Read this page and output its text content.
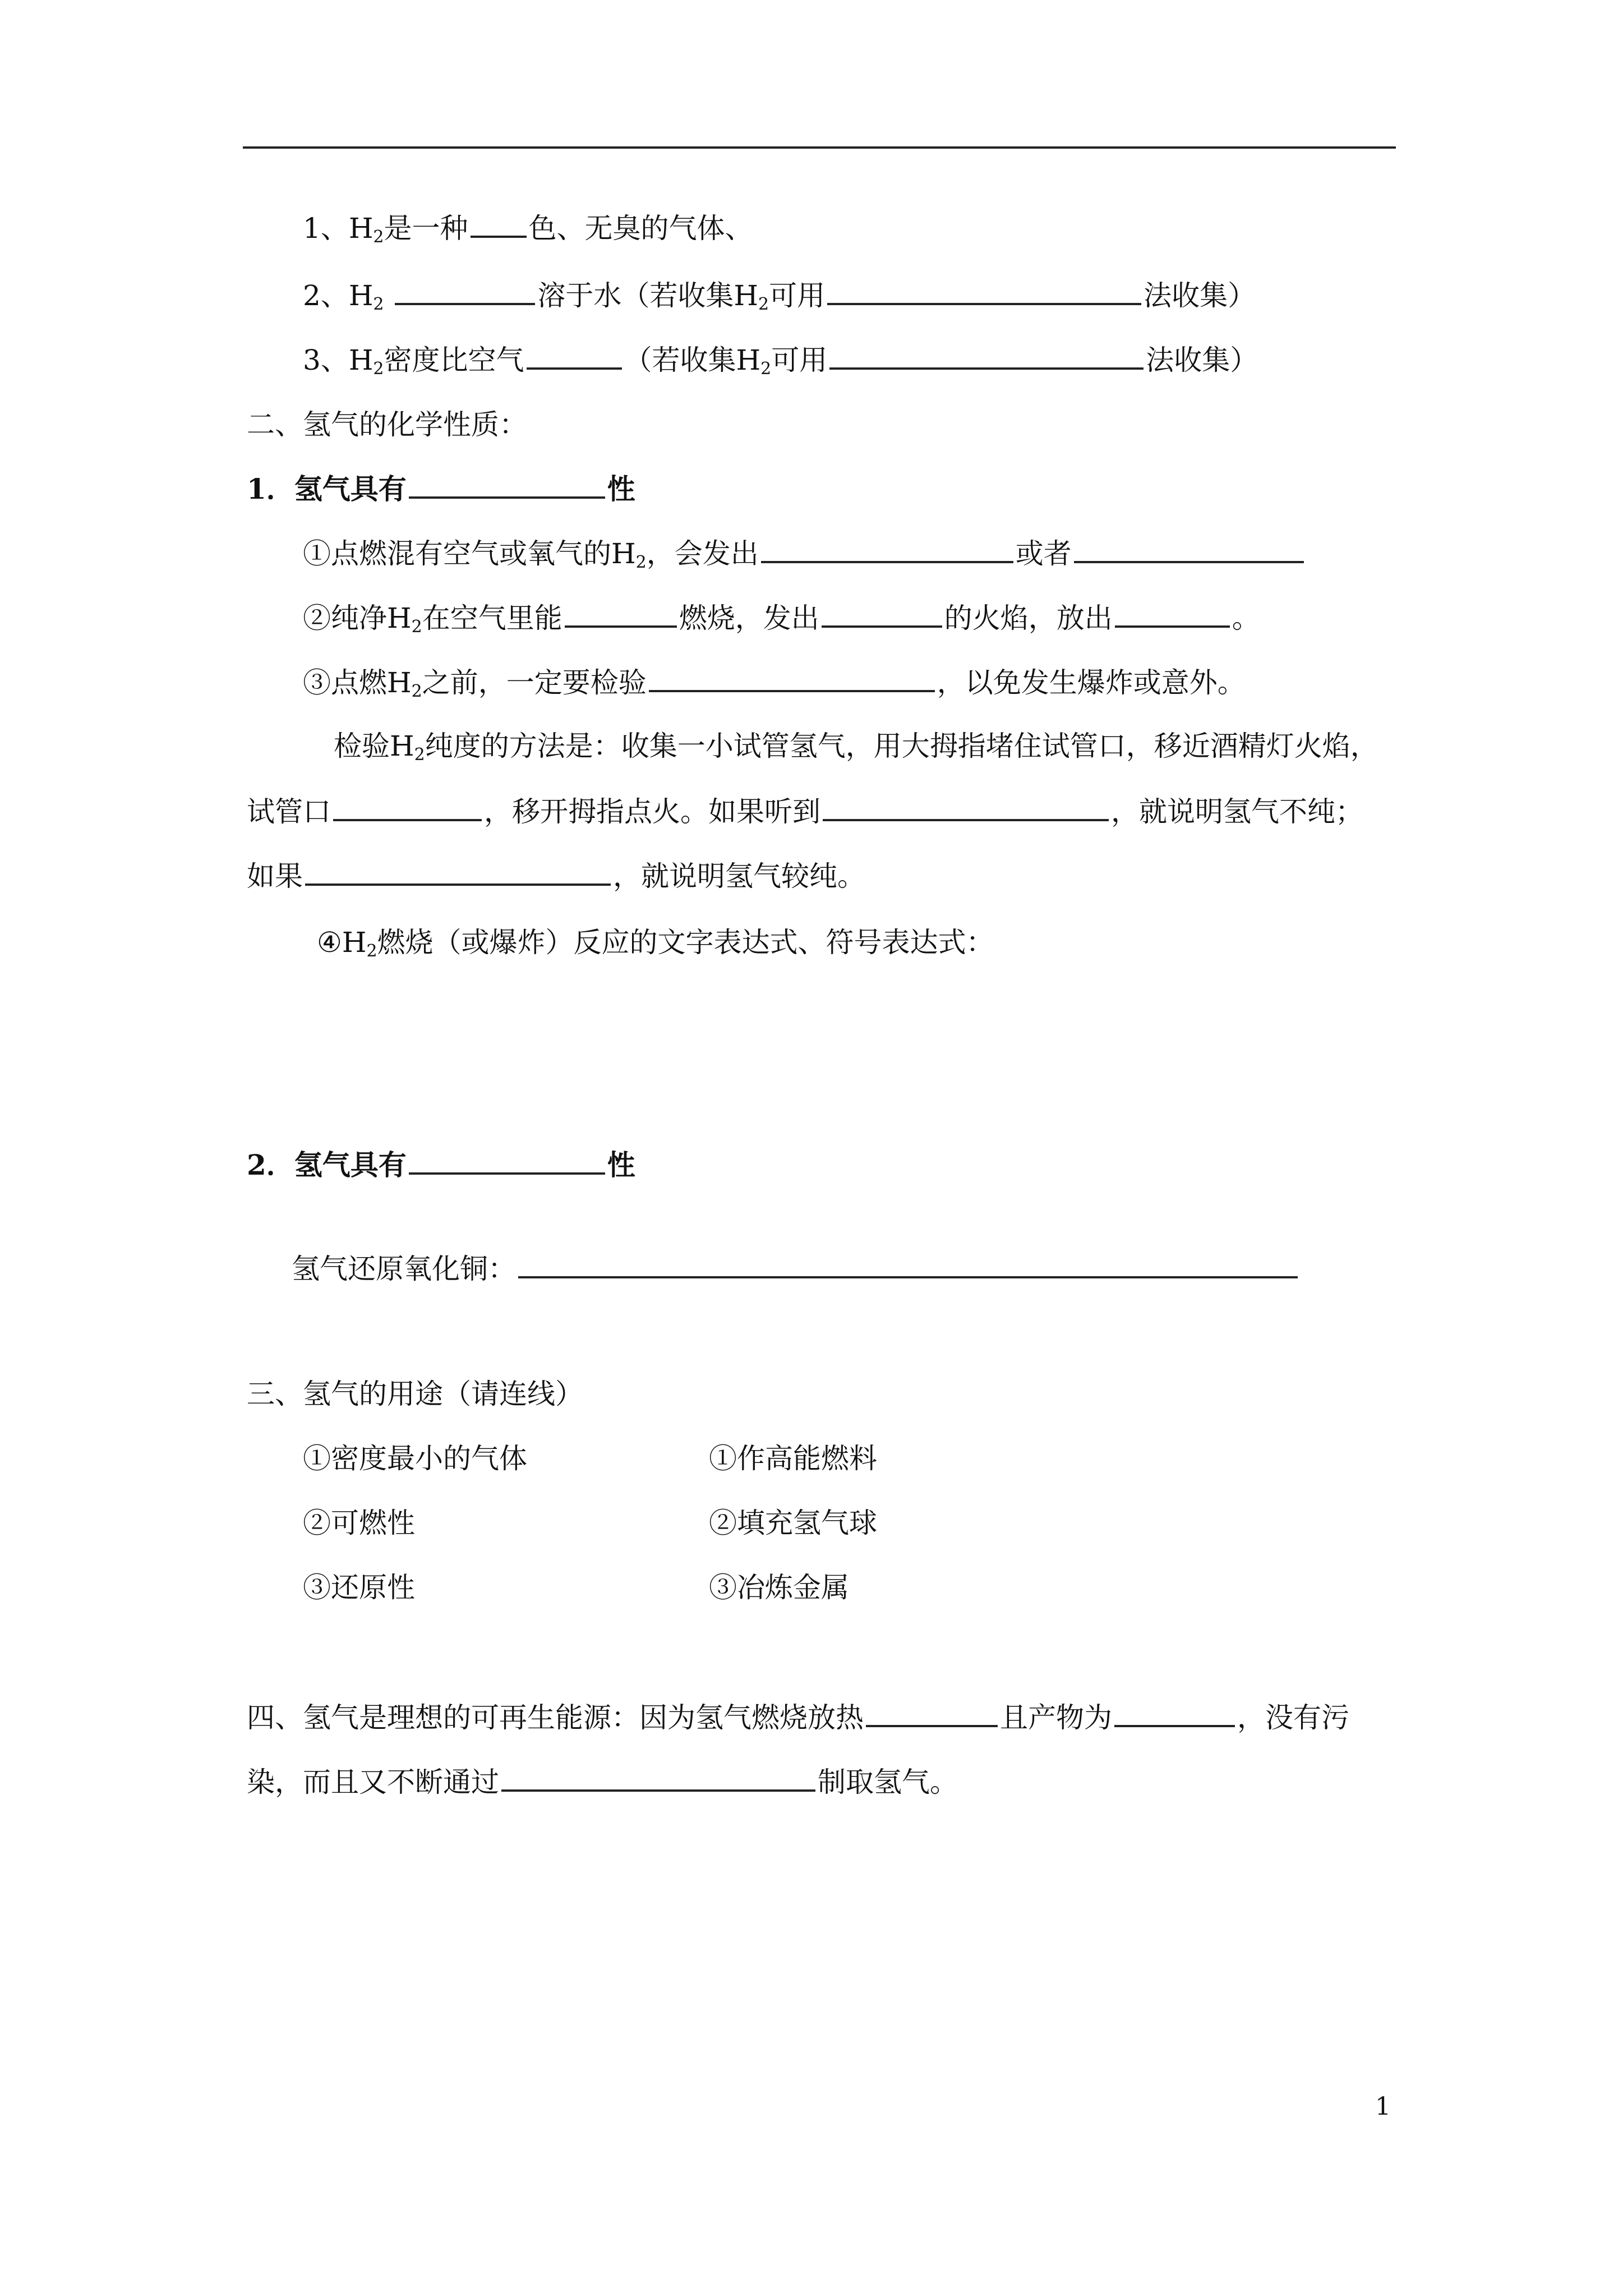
1、$H_2$是一种 色、无臭的气体、
2、$H_2$	溶于水（若收集$H_2$可用	法收集）
3、$H_2$密度比空气	（若收集$H_2$可用	法收集）
二、氢气的化学性质：
1．氢气具有	性
①点燃混有空气或氧气的$H_2$，会发出	或者
②纯净$H_2$在空气里能	燃烧，发出	的火焰，放出	。
③点燃$H_2$之前，一定要检验	，以免发生爆炸或意外。
检验$H_2$纯度的方法是：收集一小试管氢气，用大拇指堵住试管口，移近酒精灯火焰，
试管口	，移开拇指点火。如果听到	，就说明氢气不纯；
如果	，就说明氢气较纯。
$④H_2$燃烧（或爆炸）反应的文字表达式、符号表达式：
2．氢气具有	性
氢气还原氧化铜：
三、氢气的用途（请连线）
①密度最小的气体	①作高能燃料
②可燃性	②填充氢气球
③还原性	③冶炼金属
四、氢气是理想的可再生能源：因为氢气燃烧放热	且产物为	，没有污
染，而且又不断通过	制取氢气。
1
